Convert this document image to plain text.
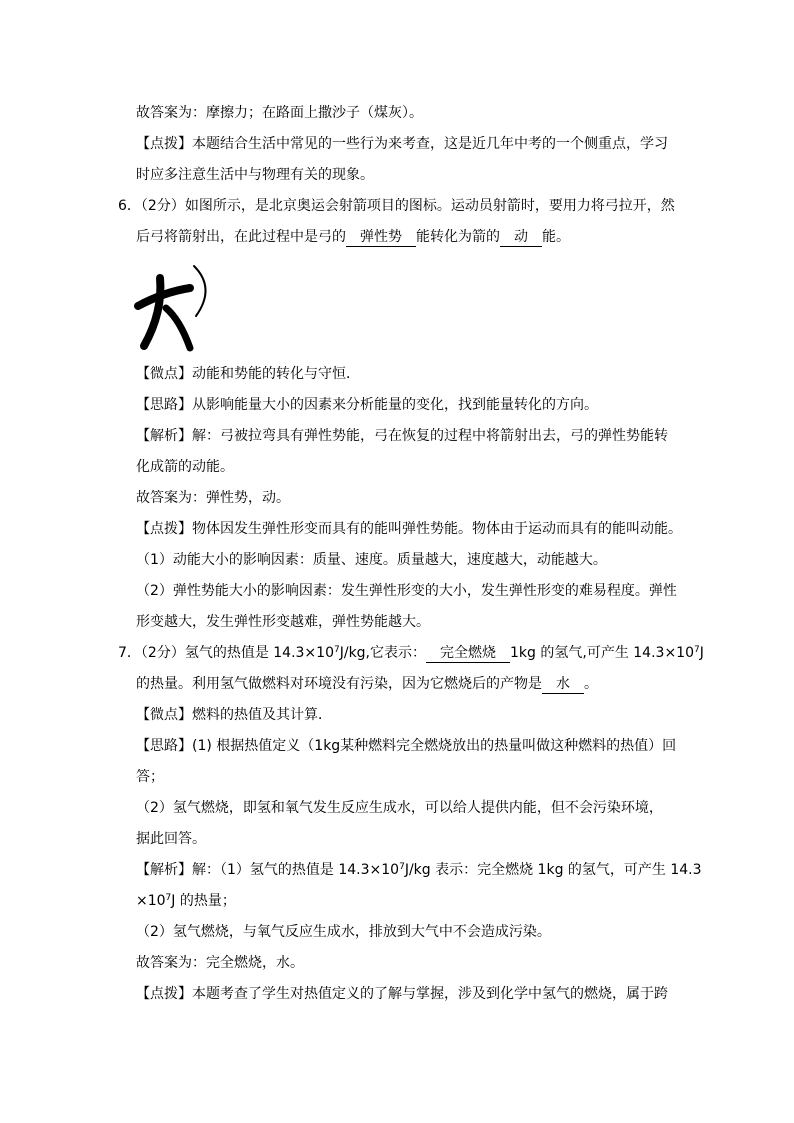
故答案为：摩擦力；在路面上撒沙子（煤灰）。
【点拨】本题结合生活中常见的一些行为来考查，这是近几年中考的一个侧重点，学习
时应多注意生活中与物理有关的现象。
6．（2分）如图所示，是北京奥运会射箭项目的图标。运动员射箭时，要用力将弓拉开，然
后弓将箭射出，在此过程中是弓的 弹性势 能转化为箭的 动 能。
【微点】动能和势能的转化与守恒．
【思路】从影响能量大小的因素来分析能量的变化，找到能量转化的方向。
【解析】解：弓被拉弯具有弹性势能，弓在恢复的过程中将箭射出去，弓的弹性势能转
化成箭的动能。
故答案为：弹性势，动。
【点拨】物体因发生弹性形变而具有的能叫弹性势能。物体由于运动而具有的能叫动能。
（1）动能大小的影响因素：质量、速度。质量越大，速度越大，动能越大。
（2）弹性势能大小的影响因素：发生弹性形变的大小，发生弹性形变的难易程度。弹性
形变越大，发生弹性形变越难，弹性势能越大。
7．（2分）氢气的热值是 $14.3\times 10^7J/kg$,它表示： 完全燃烧 1kg 的氢气,可产生 $14.3\times 10^7J$
的热量。利用氢气做燃料对环境没有污染，因为它燃烧后的产物是 水 。
【微点】燃料的热值及其计算．
【思路】(1) 根据热值定义（1kg某种燃料完全燃烧放出的热量叫做这种燃料的热值）回
答；
（2）氢气燃烧，即氢和氧气发生反应生成水，可以给人提供内能，但不会污染环境，
据此回答。
【解析】解：（1）氢气的热值是 $14.3\times 10^7J/kg$ 表示：完全燃烧 1kg 的氢气，可产生 14.3
$\times 10^7J$ 的热量；
（2）氢气燃烧，与氧气反应生成水，排放到大气中不会造成污染。
故答案为：完全燃烧，水。
【点拨】本题考查了学生对热值定义的了解与掌握，涉及到化学中氢气的燃烧，属于跨
